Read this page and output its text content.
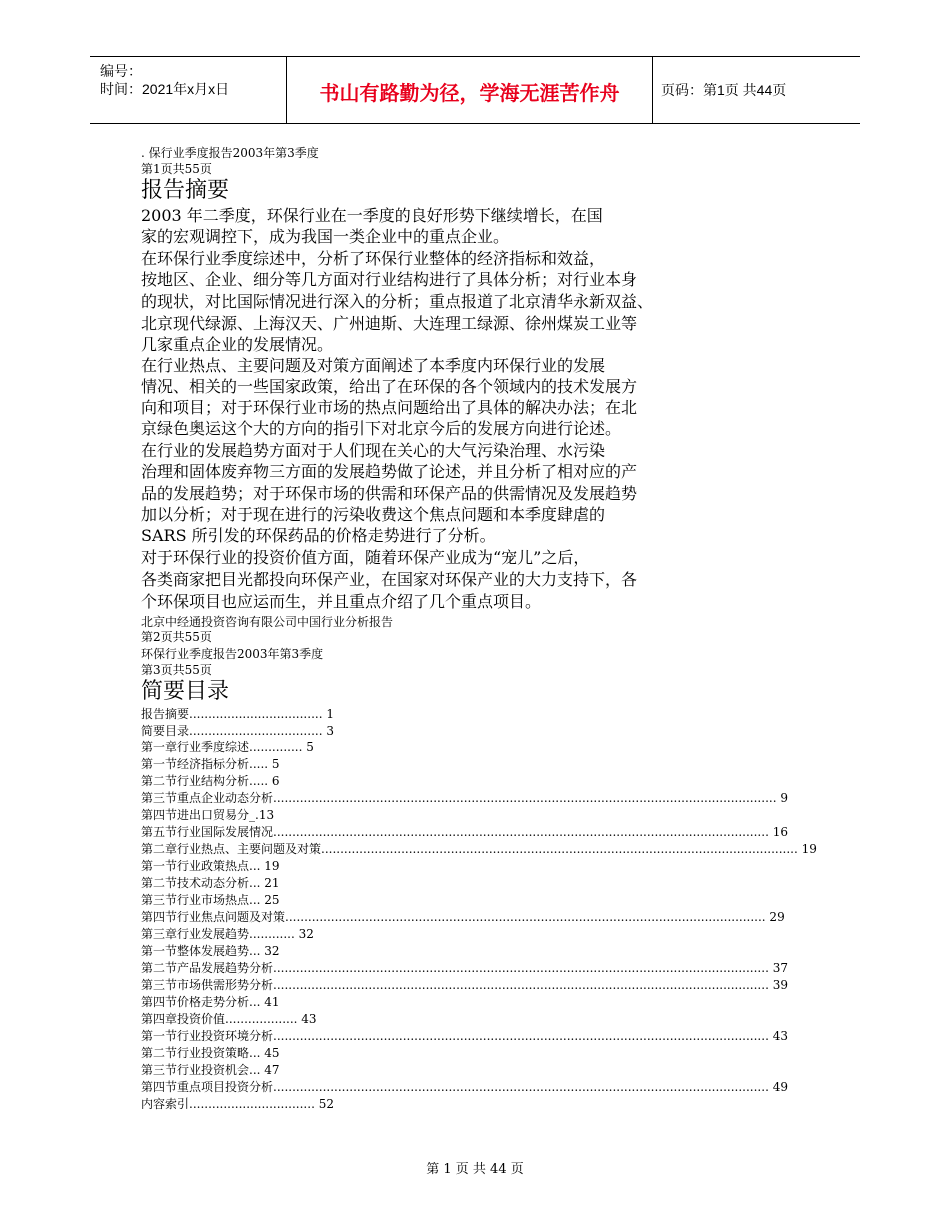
编号：
时间：2021年x月x日	书山有路勤为径，学海无涯苦作舟	页码：第1页 共44页
. 保行业季度报告2003年第3季度
第1页共55页
报告摘要
2003 年二季度，环保行业在一季度的良好形势下继续增长，在国
家的宏观调控下，成为我国一类企业中的重点企业。
在环保行业季度综述中，分析了环保行业整体的经济指标和效益，
按地区、企业、细分等几方面对行业结构进行了具体分析；对行业本身
的现状，对比国际情况进行深入的分析；重点报道了北京清华永新双益、
北京现代绿源、上海汉天、广州迪斯、大连理工绿源、徐州煤炭工业等
几家重点企业的发展情况。
在行业热点、主要问题及对策方面阐述了本季度内环保行业的发展
情况、相关的一些国家政策，给出了在环保的各个领域内的技术发展方
向和项目；对于环保行业市场的热点问题给出了具体的解决办法；在北
京绿色奥运这个大的方向的指引下对北京今后的发展方向进行论述。
在行业的发展趋势方面对于人们现在关心的大气污染治理、水污染
治理和固体废弃物三方面的发展趋势做了论述，并且分析了相对应的产
品的发展趋势；对于环保市场的供需和环保产品的供需情况及发展趋势
加以分析；对于现在进行的污染收费这个焦点问题和本季度肆虐的
SARS 所引发的环保药品的价格走势进行了分析。
对于环保行业的投资价值方面，随着环保产业成为“宠儿”之后，
各类商家把目光都投向环保产业，在国家对环保产业的大力支持下，各
个环保项目也应运而生，并且重点介绍了几个重点项目。
北京中经通投资咨询有限公司中国行业分析报告
第2页共55页
环保行业季度报告2003年第3季度
第3页共55页
简要目录
报告摘要................................... 1
简要目录................................... 3
第一章行业季度综述.............. 5
第一节经济指标分析..... 5
第二节行业结构分析..... 6
第三节重点企业动态分析.................................................................................................................................... 9
第四节进出口贸易分_.13
第五节行业国际发展情况.................................................................................................................................. 16
第二章行业热点、主要问题及对策............................................................................................................................. 19
第一节行业政策热点... 19
第二节技术动态分析... 21
第三节行业市场热点... 25
第四节行业焦点问题及对策.............................................................................................................................. 29
第三章行业发展趋势............ 32
第一节整体发展趋势... 32
第二节产品发展趋势分析.................................................................................................................................. 37
第三节市场供需形势分析.................................................................................................................................. 39
第四节价格走势分析... 41
第四章投资价值................... 43
第一节行业投资环境分析.................................................................................................................................. 43
第二节行业投资策略... 45
第三节行业投资机会... 47
第四节重点项目投资分析.................................................................................................................................. 49
内容索引................................. 52
第 1 页 共 44 页
